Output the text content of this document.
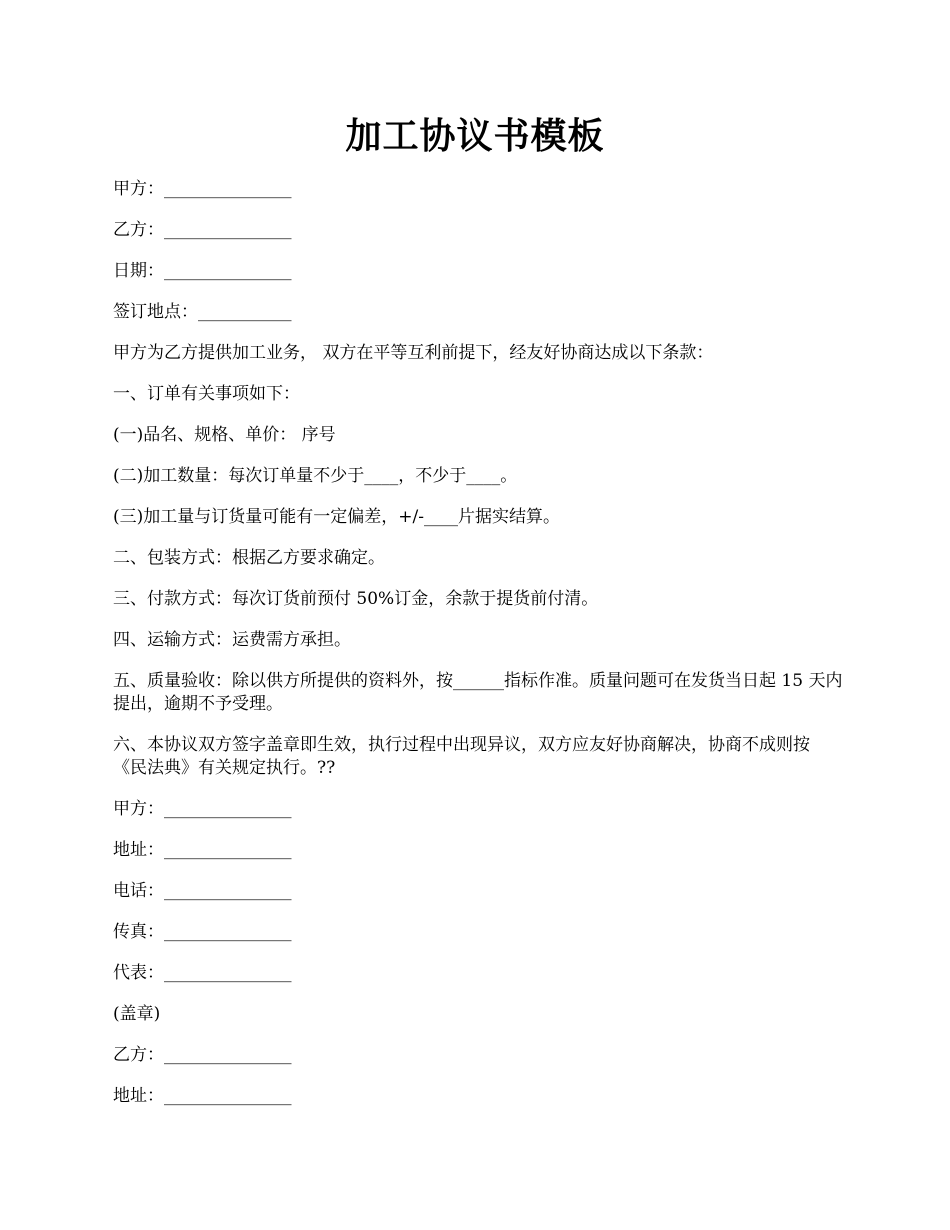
加工协议书模板

甲方：_______________

乙方：_______________

日期：_______________

签订地点：___________

甲方为乙方提供加工业务， 双方在平等互利前提下，经友好协商达成以下条款：

一、订单有关事项如下：

(一)品名、规格、单价： 序号

(二)加工数量：每次订单量不少于____，不少于____。

(三)加工量与订货量可能有一定偏差，+/-____片据实结算。

二、包装方式：根据乙方要求确定。

三、付款方式：每次订货前预付 50%订金，余款于提货前付清。

四、运输方式：运费需方承担。

五、质量验收：除以供方所提供的资料外，按______指标作准。质量问题可在发货当日起 15 天内提出，逾期不予受理。

六、本协议双方签字盖章即生效，执行过程中出现异议，双方应友好协商解决，协商不成则按《民法典》有关规定执行。??

甲方：_______________

地址：_______________

电话：_______________

传真：_______________

代表：_______________

(盖章)

乙方：_______________

地址：_______________
